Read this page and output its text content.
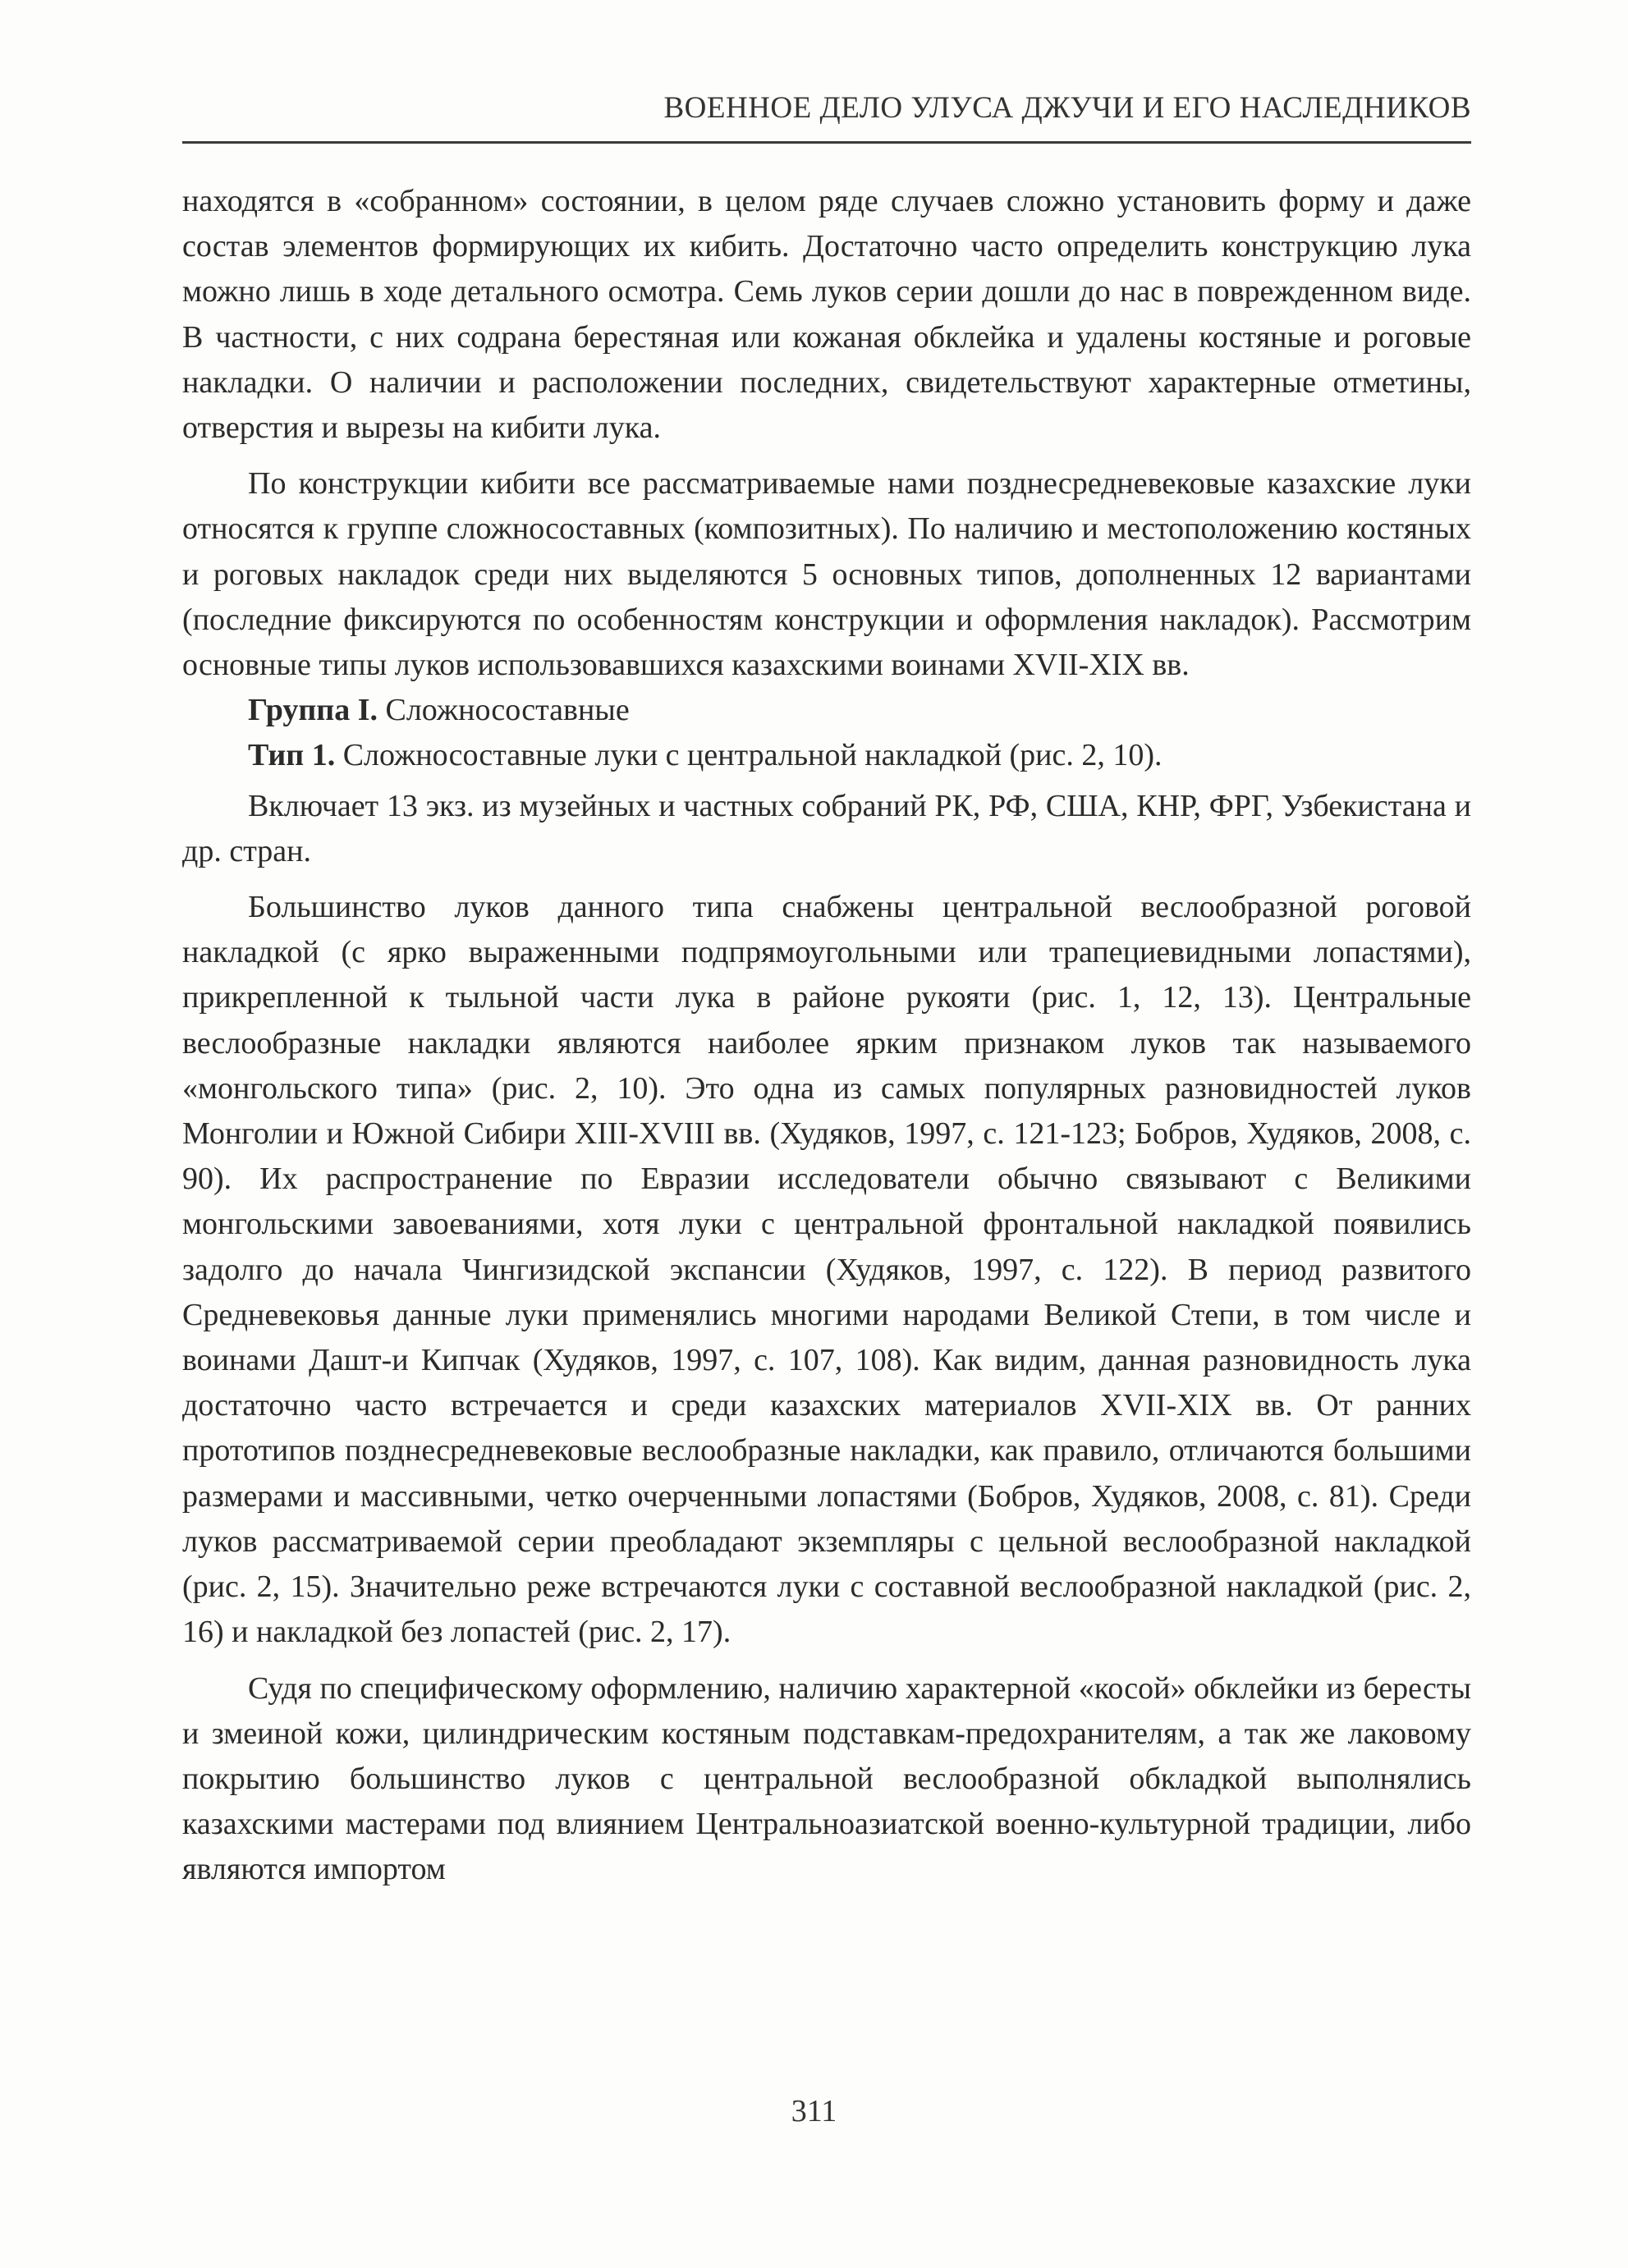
ВОЕННОЕ ДЕЛО УЛУСА ДЖУЧИ И ЕГО НАСЛЕДНИКОВ

находятся в «собранном» состоянии, в целом ряде случаев сложно установить форму и даже состав элементов формирующих их кибить. Достаточно часто определить конструкцию лука можно лишь в ходе детального осмотра. Семь луков серии дошли до нас в поврежденном виде. В частности, с них содрана берестяная или кожаная обклейка и удалены костяные и роговые накладки. О наличии и расположении последних, свидетельствуют характерные отметины, отверстия и вырезы на кибити лука.

По конструкции кибити все рассматриваемые нами позднесредневековые казахские луки относятся к группе сложносоставных (композитных). По наличию и местоположению костяных и роговых накладок среди них выделяются 5 основных типов, дополненных 12 вариантами (последние фиксируются по особенностям конструкции и оформления накладок). Рассмотрим основные типы луков использовавшихся казахскими воинами XVII-XIX вв.

Группа I. Сложносоставные

Тип 1. Сложносоставные луки с центральной накладкой (рис. 2, 10).

Включает 13 экз. из музейных и частных собраний РК, РФ, США, КНР, ФРГ, Узбекистана и др. стран.

Большинство луков данного типа снабжены центральной веслообразной роговой накладкой (с ярко выраженными подпрямоугольными или трапециевидными лопастями), прикрепленной к тыльной части лука в районе рукояти (рис. 1, 12, 13). Центральные веслообразные накладки являются наиболее ярким признаком луков так называемого «монгольского типа» (рис. 2, 10). Это одна из самых популярных разновидностей луков Монголии и Южной Сибири XIII-XVIII вв. (Худяков, 1997, с. 121-123; Бобров, Худяков, 2008, с. 90). Их распространение по Евразии исследователи обычно связывают с Великими монгольскими завоеваниями, хотя луки с центральной фронтальной накладкой появились задолго до начала Чингизидской экспансии (Худяков, 1997, с. 122). В период развитого Средневековья данные луки применялись многими народами Великой Степи, в том числе и воинами Дашт-и Кипчак (Худяков, 1997, с. 107, 108). Как видим, данная разновидность лука достаточно часто встречается и среди казахских материалов XVII-XIX вв. От ранних прототипов позднесредневековые веслообразные накладки, как правило, отличаются большими размерами и массивными, четко очерченными лопастями (Бобров, Худяков, 2008, с. 81). Среди луков рассматриваемой серии преобладают экземпляры с цельной веслообразной накладкой (рис. 2, 15). Значительно реже встречаются луки с составной веслообразной накладкой (рис. 2, 16) и накладкой без лопастей (рис. 2, 17).

Судя по специфическому оформлению, наличию характерной «косой» обклейки из бересты и змеиной кожи, цилиндрическим костяным подставкам-предохранителям, а так же лаковому покрытию большинство луков с центральной веслообразной обкладкой выполнялись казахскими мастерами под влиянием Центральноазиатской военно-культурной традиции, либо являются импортом

311
